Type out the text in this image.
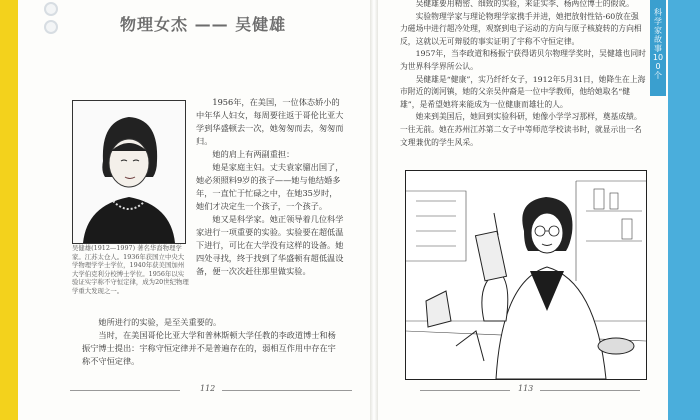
物理女杰 —— 吴健雄
吴健雄(1912—1997) 著名华裔物理学家。江苏太仓人。1936年获国立中央大学物理学学士学位，1940年获美国加州大学伯克利分校博士学位。1956年以实验证实宇称不守恒定律，成为20世纪物理学重大发现之一。

1956年，在美国，一位体态娇小的中年华人妇女，每周要往返于哥伦比亚大学到华盛顿去一次，她匆匆而去，匆匆而归。

她的肩上有两副重担：

她是家庭主妇。丈夫袁家骝出国了，她必须照料9岁的孩子——她与他结婚多年，一直忙于忙碌之中，在她35岁时，她们才决定生一个孩子，一个孩子。

她又是科学家。她正领导着几位科学家进行一项重要的实验。实验要在超低温下进行，可比在大学没有这样的设备。她四处寻找，终于找到了华盛顿有超低温设备，便一次次赶往那里做实验。

她所进行的实验，是至关重要的。

当时，在美国哥伦比亚大学和普林斯顿大学任教的李政道博士和杨振宁博士提出：宇称守恒定律并不是普遍存在的，弱相互作用中存在宇称不守恒定律。

112

吴健雄要用精密、细致的实验，来证实李、杨两位博士的假说。

实验物理学家与理论物理学家携手并进，她把放射性钴-60放在强力磁场中进行超冷处理，观察到电子运动的方向与原子核旋转的方向相反，这就以无可辩驳的事实证明了宇称不守恒定律。

1957年，当李政道和杨振宁获得诺贝尔物理学奖时，吴健雄也同时为世界科学界所公认。

吴健雄是“健康”，实乃纤纤女子，1912年5月31日，她降生在上海市附近的浏河镇，她的父亲吴仲裔是一位中学教师，他给她取名“健雄”，是希望她将来能成为一位健康而雄壮的人。

她来到美国后，她回到实验科研，她像小学学习那样，奠基成绩。一往无前。她在苏州江苏第二女子中等师范学校读书时，就显示出一名文理兼优的学生风采。

113
科学家故事100个
